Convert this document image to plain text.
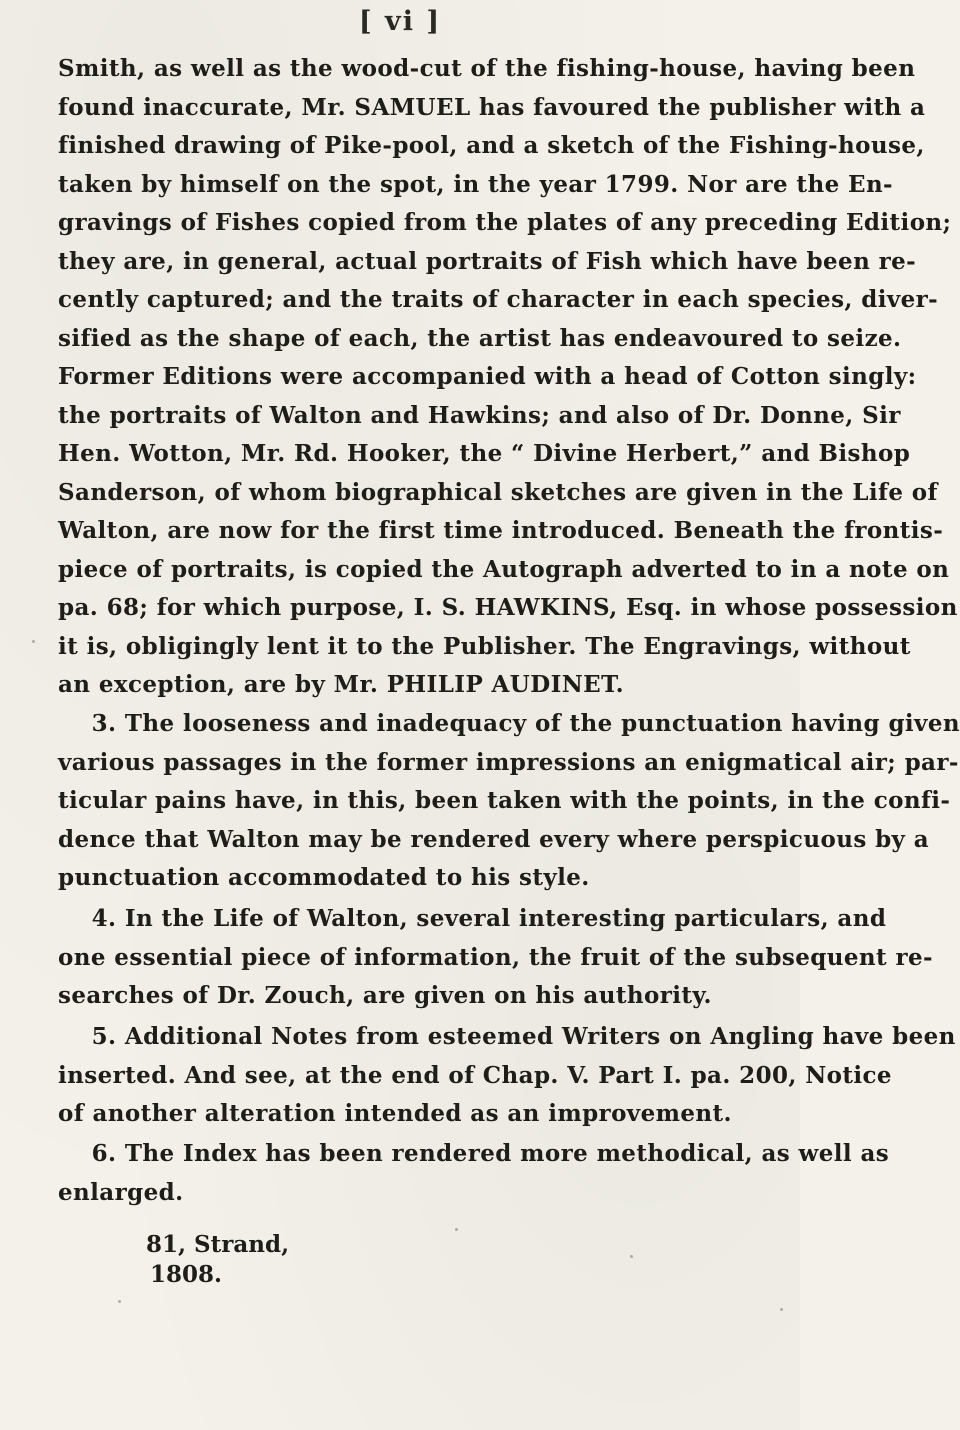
[ vi ]
Smith, as well as the wood-cut of the fishing-house, having been
found inaccurate, Mr. SAMUEL has favoured the publisher with a
finished drawing of Pike-pool, and a sketch of the Fishing-house,
taken by himself on the spot, in the year 1799. Nor are the En-
gravings of Fishes copied from the plates of any preceding Edition;
they are, in general, actual portraits of Fish which have been re-
cently captured; and the traits of character in each species, diver-
sified as the shape of each, the artist has endeavoured to seize.
Former Editions were accompanied with a head of Cotton singly:
the portraits of Walton and Hawkins; and also of Dr. Donne, Sir
Hen. Wotton, Mr. Rd. Hooker, the “ Divine Herbert,” and Bishop
Sanderson, of whom biographical sketches are given in the Life of
Walton, are now for the first time introduced. Beneath the frontis-
piece of portraits, is copied the Autograph adverted to in a note on
pa. 68; for which purpose, I. S. HAWKINS, Esq. in whose possession
it is, obligingly lent it to the Publisher. The Engravings, without
an exception, are by Mr. PHILIP AUDINET.
3. The looseness and inadequacy of the punctuation having given
various passages in the former impressions an enigmatical air; par-
ticular pains have, in this, been taken with the points, in the confi-
dence that Walton may be rendered every where perspicuous by a
punctuation accommodated to his style.
4. In the Life of Walton, several interesting particulars, and
one essential piece of information, the fruit of the subsequent re-
searches of Dr. Zouch, are given on his authority.
5. Additional Notes from esteemed Writers on Angling have been
inserted. And see, at the end of Chap. V. Part I. pa. 200, Notice
of another alteration intended as an improvement.
6. The Index has been rendered more methodical, as well as
enlarged.
81, Strand,
1808.
